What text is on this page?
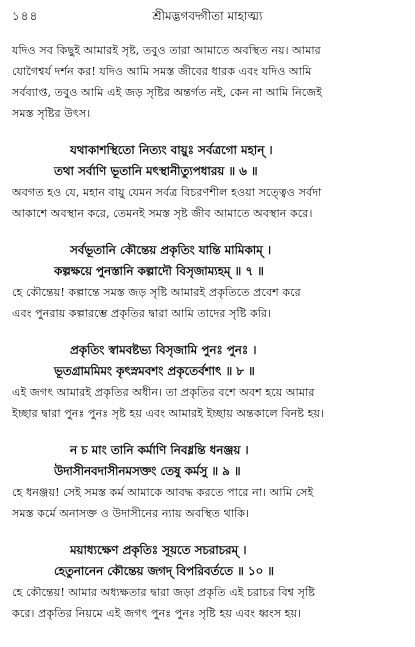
১৪৪	শ্রীমদ্ভগবদ্গীতা মাহাত্ম্য

যদিও সব কিছুই আমারই সৃষ্ট, তবুও তারা আমাতে অবস্থিত নয়। আমার
যোগৈশ্বর্য দর্শন কর! যদিও আমি সমস্ত জীবের ধারক এবং যদিও আমি
সর্বব্যাপ্ত, তবুও আমি এই জড় সৃষ্টির অন্তর্গত নই, কেন না আমি নিজেই
সমস্ত সৃষ্টির উৎস।

যথাকাশস্থিতো নিত্যং বায়ুঃ সর্বত্রগো মহান্ ।
তথা সর্বাণি ভূতানি মৎস্থানীত্যুপধারয় ॥ ৬ ॥

অবগত হও যে, মহান বায়ু যেমন সর্বত্র বিচরণশীল হওয়া সত্ত্বেও সর্বদা
আকাশে অবস্থান করে, তেমনই সমস্ত সৃষ্ট জীব আমাতে অবস্থান করে।

সর্বভূতানি কৌন্তেয় প্রকৃতিং যান্তি মামিকাম্ ।
কল্পক্ষয়ে পুনস্তানি কল্পাদৌ বিসৃজাম্যহম্ ॥ ৭ ॥

হে কৌন্তেয়! কল্পান্তে সমস্ত জড় সৃষ্টি আমারই প্রকৃতিতে প্রবেশ করে
এবং পুনরায় কল্পারম্ভে প্রকৃতির দ্বারা আমি তাদের সৃষ্টি করি।

প্রকৃতিং স্বামবষ্টভ্য বিসৃজামি পুনঃ পুনঃ ।
ভূতগ্রামমিমং কৃৎস্নমবশং প্রকৃতের্বশাৎ ॥ ৮ ॥

এই জগৎ আমারই প্রকৃতির অধীন। তা প্রকৃতির বশে অবশ হয়ে আমার
ইচ্ছার দ্বারা পুনঃ পুনঃ সৃষ্ট হয় এবং আমারই ইচ্ছায় অন্তকালে বিনষ্ট হয়।

ন চ মাং তানি কর্মাণি নিবধ্নন্তি ধনঞ্জয় ।
উদাসীনবদাসীনমসক্তং তেষু কর্মসু ॥ ৯ ॥

হে ধনঞ্জয়! সেই সমস্ত কর্ম আমাকে আবদ্ধ করতে পারে না। আমি সেই
সমস্ত কর্মে অনাসক্ত ও উদাসীনের ন্যায় অবস্থিত থাকি।

ময়াধ্যক্ষেণ প্রকৃতিঃ সূয়তে সচরাচরম্ ।
হেতুনানেন কৌন্তেয় জগদ্ বিপরিবর্ততে ॥ ১০ ॥

হে কৌন্তেয়! আমার অধ্যক্ষতার দ্বারা জড়া প্রকৃতি এই চরাচর বিশ্ব সৃষ্টি
করে। প্রকৃতির নিয়মে এই জগৎ পুনঃ পুনঃ সৃষ্টি হয় এবং ধ্বংস হয়।
